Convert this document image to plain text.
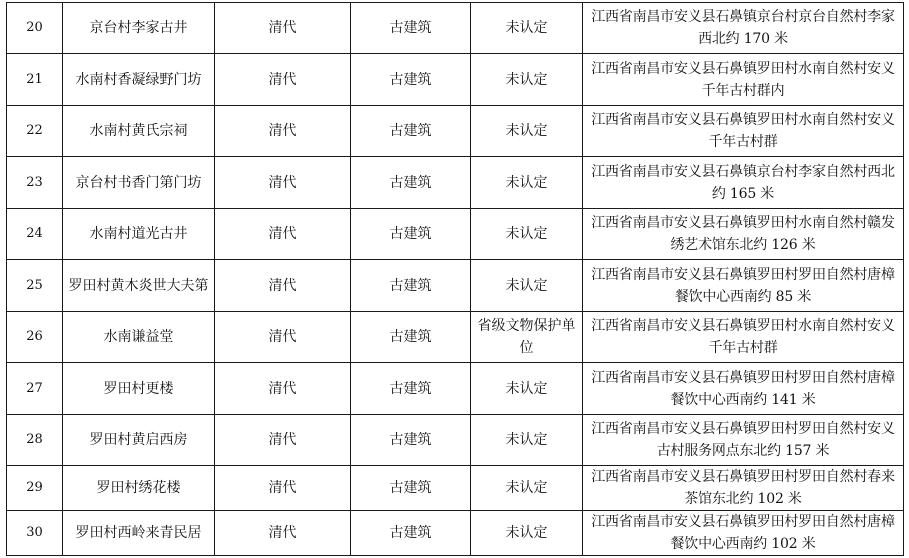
20	京台村李家古井	清代	古建筑	未认定	江西省南昌市安义县石鼻镇京台村京台自然村李家西北约 170 米
21	水南村香凝绿野门坊	清代	古建筑	未认定	江西省南昌市安义县石鼻镇罗田村水南自然村安义千年古村群内
22	水南村黄氏宗祠	清代	古建筑	未认定	江西省南昌市安义县石鼻镇罗田村水南自然村安义千年古村群
23	京台村书香门第门坊	清代	古建筑	未认定	江西省南昌市安义县石鼻镇京台村李家自然村西北约 165 米
24	水南村道光古井	清代	古建筑	未认定	江西省南昌市安义县石鼻镇罗田村水南自然村赣发绣艺术馆东北约 126 米
25	罗田村黄木炎世大夫第	清代	古建筑	未认定	江西省南昌市安义县石鼻镇罗田村罗田自然村唐樟餐饮中心西南约 85 米
26	水南谦益堂	清代	古建筑	省级文物保护单位	江西省南昌市安义县石鼻镇罗田村水南自然村安义千年古村群
27	罗田村更楼	清代	古建筑	未认定	江西省南昌市安义县石鼻镇罗田村罗田自然村唐樟餐饮中心西南约 141 米
28	罗田村黄启西房	清代	古建筑	未认定	江西省南昌市安义县石鼻镇罗田村罗田自然村安义古村服务网点东北约 157 米
29	罗田村绣花楼	清代	古建筑	未认定	江西省南昌市安义县石鼻镇罗田村罗田自然村春来茶馆东北约 102 米
30	罗田村西岭来青民居	清代	古建筑	未认定	江西省南昌市安义县石鼻镇罗田村罗田自然村唐樟餐饮中心西南约 102 米
